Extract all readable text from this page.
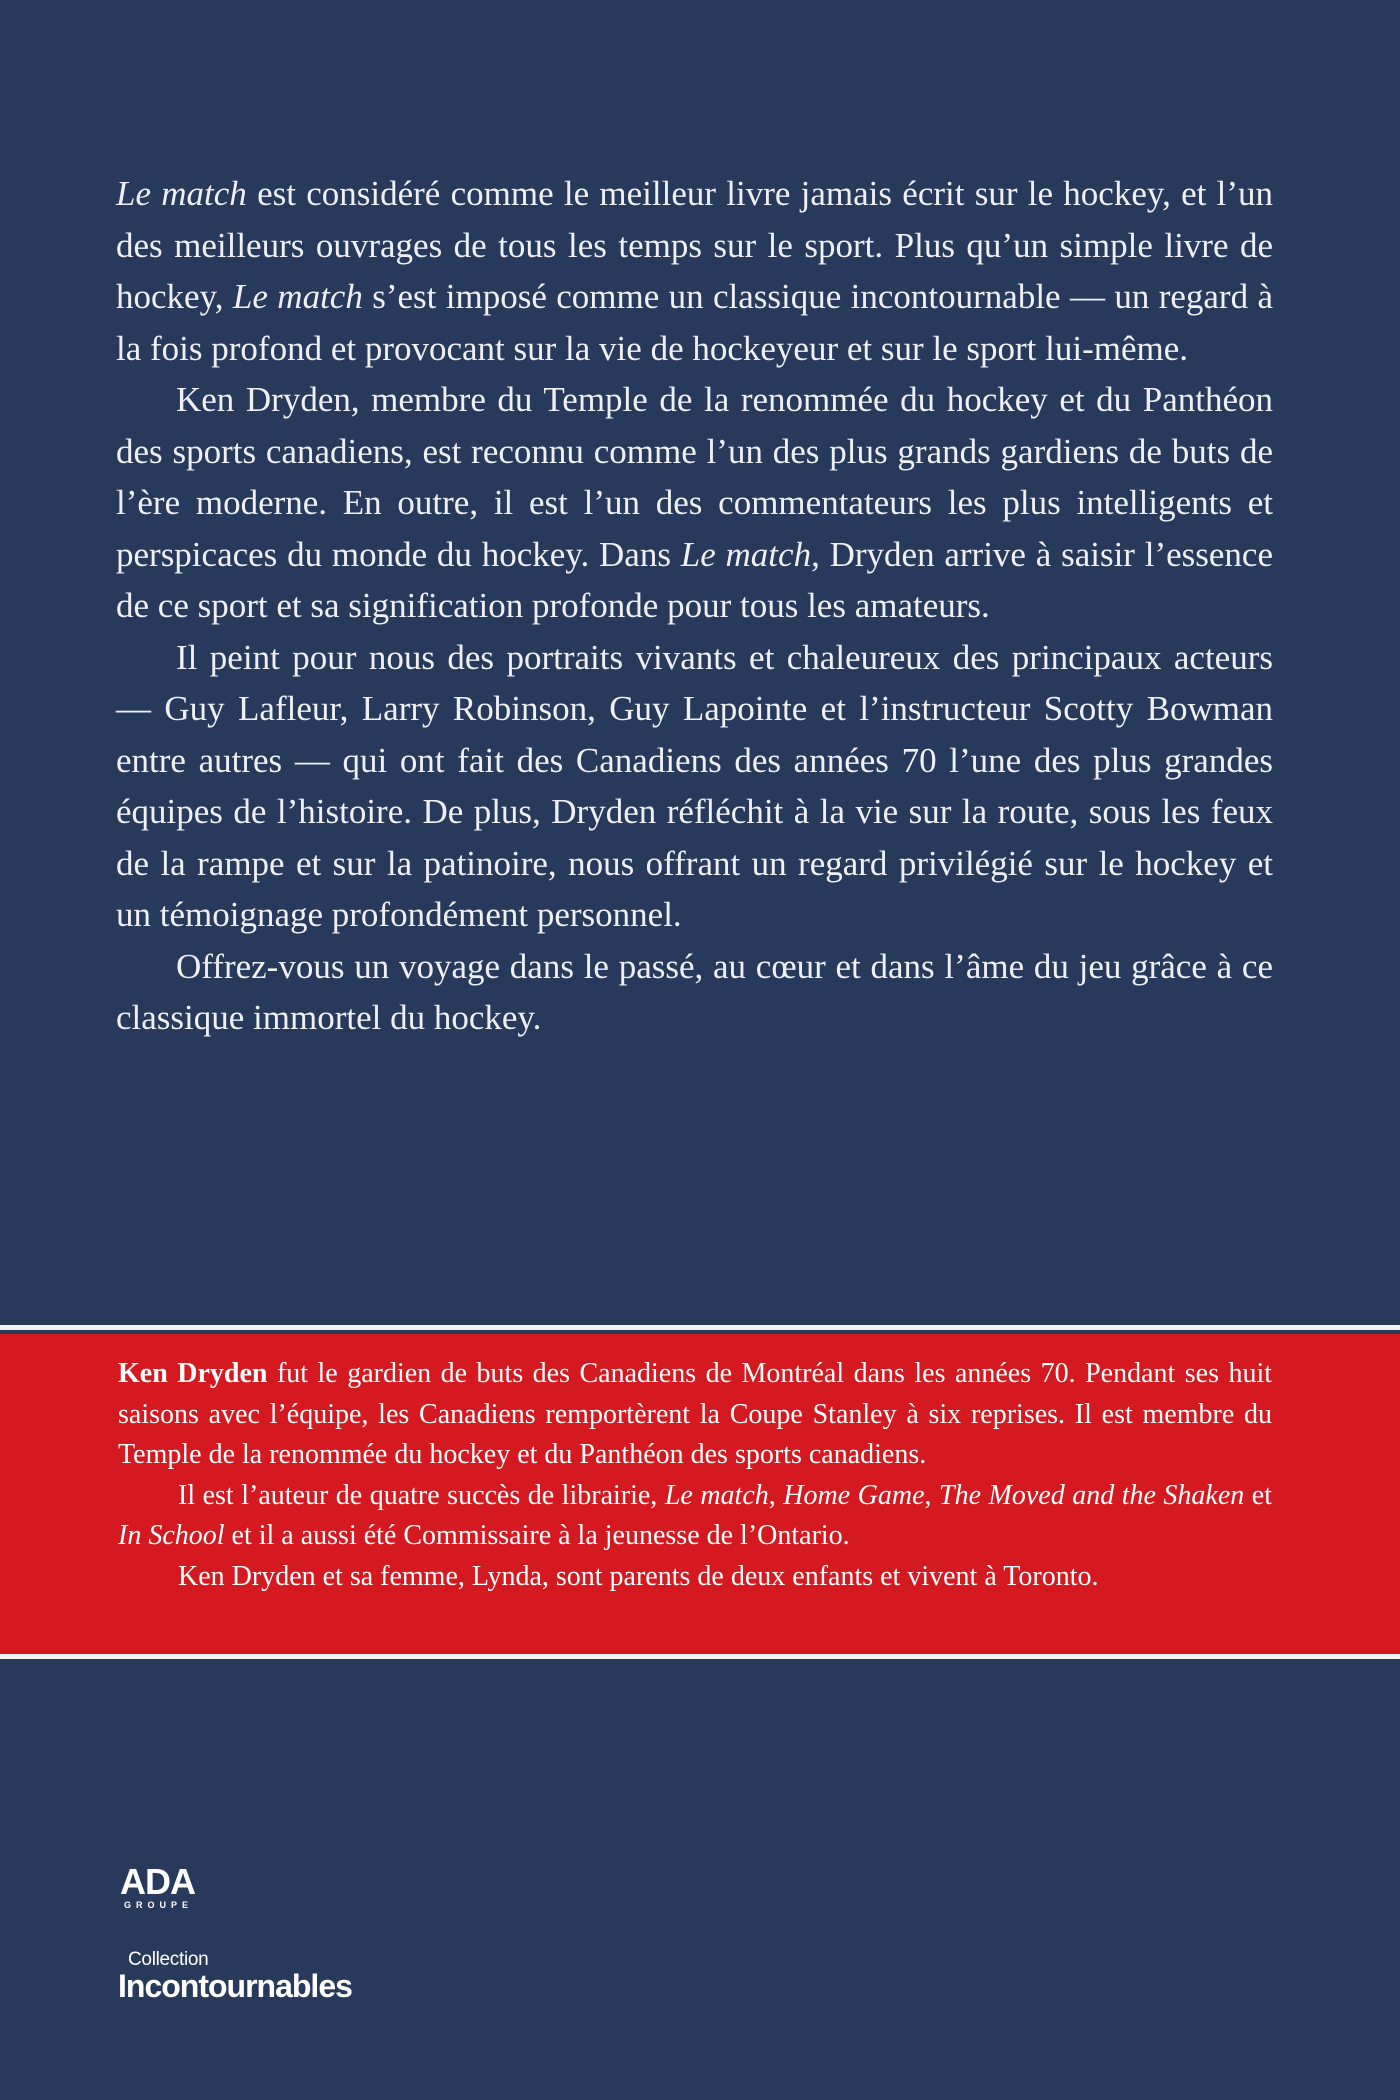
Le match est considéré comme le meilleur livre jamais écrit sur le hockey, et l’un des meilleurs ouvrages de tous les temps sur le sport. Plus qu’un simple livre de hockey, Le match s’est imposé comme un classique incontournable — un regard à la fois profond et provocant sur la vie de hockeyeur et sur le sport lui-même.

Ken Dryden, membre du Temple de la renommée du hockey et du Panthéon des sports canadiens, est reconnu comme l’un des plus grands gardiens de buts de l’ère moderne. En outre, il est l’un des commentateurs les plus intelligents et perspicaces du monde du hockey. Dans Le match, Dryden arrive à saisir l’essence de ce sport et sa signification profonde pour tous les amateurs.

Il peint pour nous des portraits vivants et chaleureux des principaux acteurs — Guy Lafleur, Larry Robinson, Guy Lapointe et l’instructeur Scotty Bowman entre autres — qui ont fait des Canadiens des années 70 l’une des plus grandes équipes de l’histoire. De plus, Dryden réfléchit à la vie sur la route, sous les feux de la rampe et sur la patinoire, nous offrant un regard privilégié sur le hockey et un témoignage profondément personnel.

Offrez-vous un voyage dans le passé, au cœur et dans l’âme du jeu grâce à ce classique immortel du hockey.

Ken Dryden fut le gardien de buts des Canadiens de Montréal dans les années 70. Pendant ses huit saisons avec l’équipe, les Canadiens remportèrent la Coupe Stanley à six reprises. Il est membre du Temple de la renommée du hockey et du Panthéon des sports canadiens.

Il est l’auteur de quatre succès de librairie, Le match, Home Game, The Moved and the Shaken et In School et il a aussi été Commissaire à la jeunesse de l’Ontario.

Ken Dryden et sa femme, Lynda, sont parents de deux enfants et vivent à Toronto.

ADA
GROUPE
Collection
Incontournables
